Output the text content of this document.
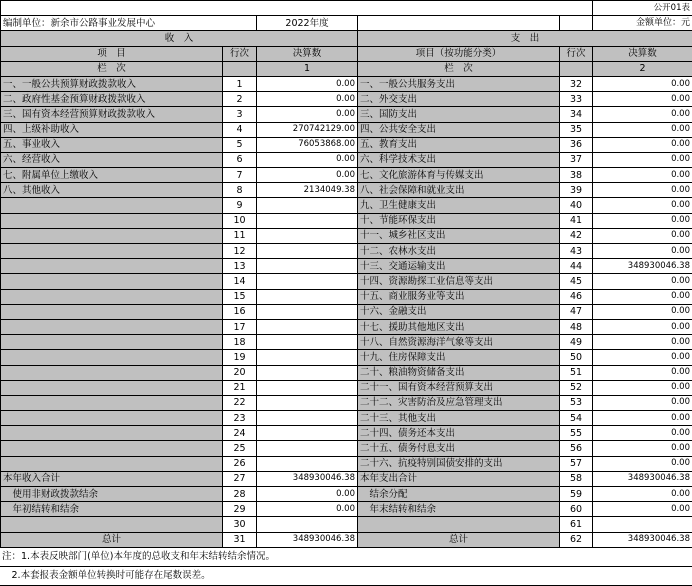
					公开01表
编制单位：新余市公路事业发展中心		2022年度			金额单位：元
收　入			支　出		
项　目	行次	决算数	项目（按功能分类）	行次	决算数
栏　次		1	栏　次		2
一、一般公共预算财政拨款收入	1	0.00	一、一般公共服务支出	32	0.00
二、政府性基金预算财政拨款收入	2	0.00	二、外交支出	33	0.00
三、国有资本经营预算财政拨款收入	3	0.00	三、国防支出	34	0.00
四、上级补助收入	4	270742129.00	四、公共安全支出	35	0.00
五、事业收入	5	76053868.00	五、教育支出	36	0.00
六、经营收入	6	0.00	六、科学技术支出	37	0.00
七、附属单位上缴收入	7	0.00	七、文化旅游体育与传媒支出	38	0.00
八、其他收入	8	2134049.38	八、社会保障和就业支出	39	0.00
	9		九、卫生健康支出	40	0.00
	10		十、节能环保支出	41	0.00
	11		十一、城乡社区支出	42	0.00
	12		十二、农林水支出	43	0.00
	13		十三、交通运输支出	44	348930046.38
	14		十四、资源勘探工业信息等支出	45	0.00
	15		十五、商业服务业等支出	46	0.00
	16		十六、金融支出	47	0.00
	17		十七、援助其他地区支出	48	0.00
	18		十八、自然资源海洋气象等支出	49	0.00
	19		十九、住房保障支出	50	0.00
	20		二十、粮油物资储备支出	51	0.00
	21		二十一、国有资本经营预算支出	52	0.00
	22		二十二、灾害防治及应急管理支出	53	0.00
	23		二十三、其他支出	54	0.00
	24		二十四、债务还本支出	55	0.00
	25		二十五、债务付息支出	56	0.00
	26		二十六、抗疫特别国债安排的支出	57	0.00
本年收入合计	27	348930046.38	本年支出合计	58	348930046.38
　使用非财政拨款结余	28	0.00	　结余分配	59	0.00
　年初结转和结余	29	0.00	　年末结转和结余	60	0.00
	30			61	
总计	31	348930046.38	总计	62	348930046.38
注：1.本表反映部门(单位)本年度的总收支和年末结转结余情况。
　2.本套报表金额单位转换时可能存在尾数误差。
